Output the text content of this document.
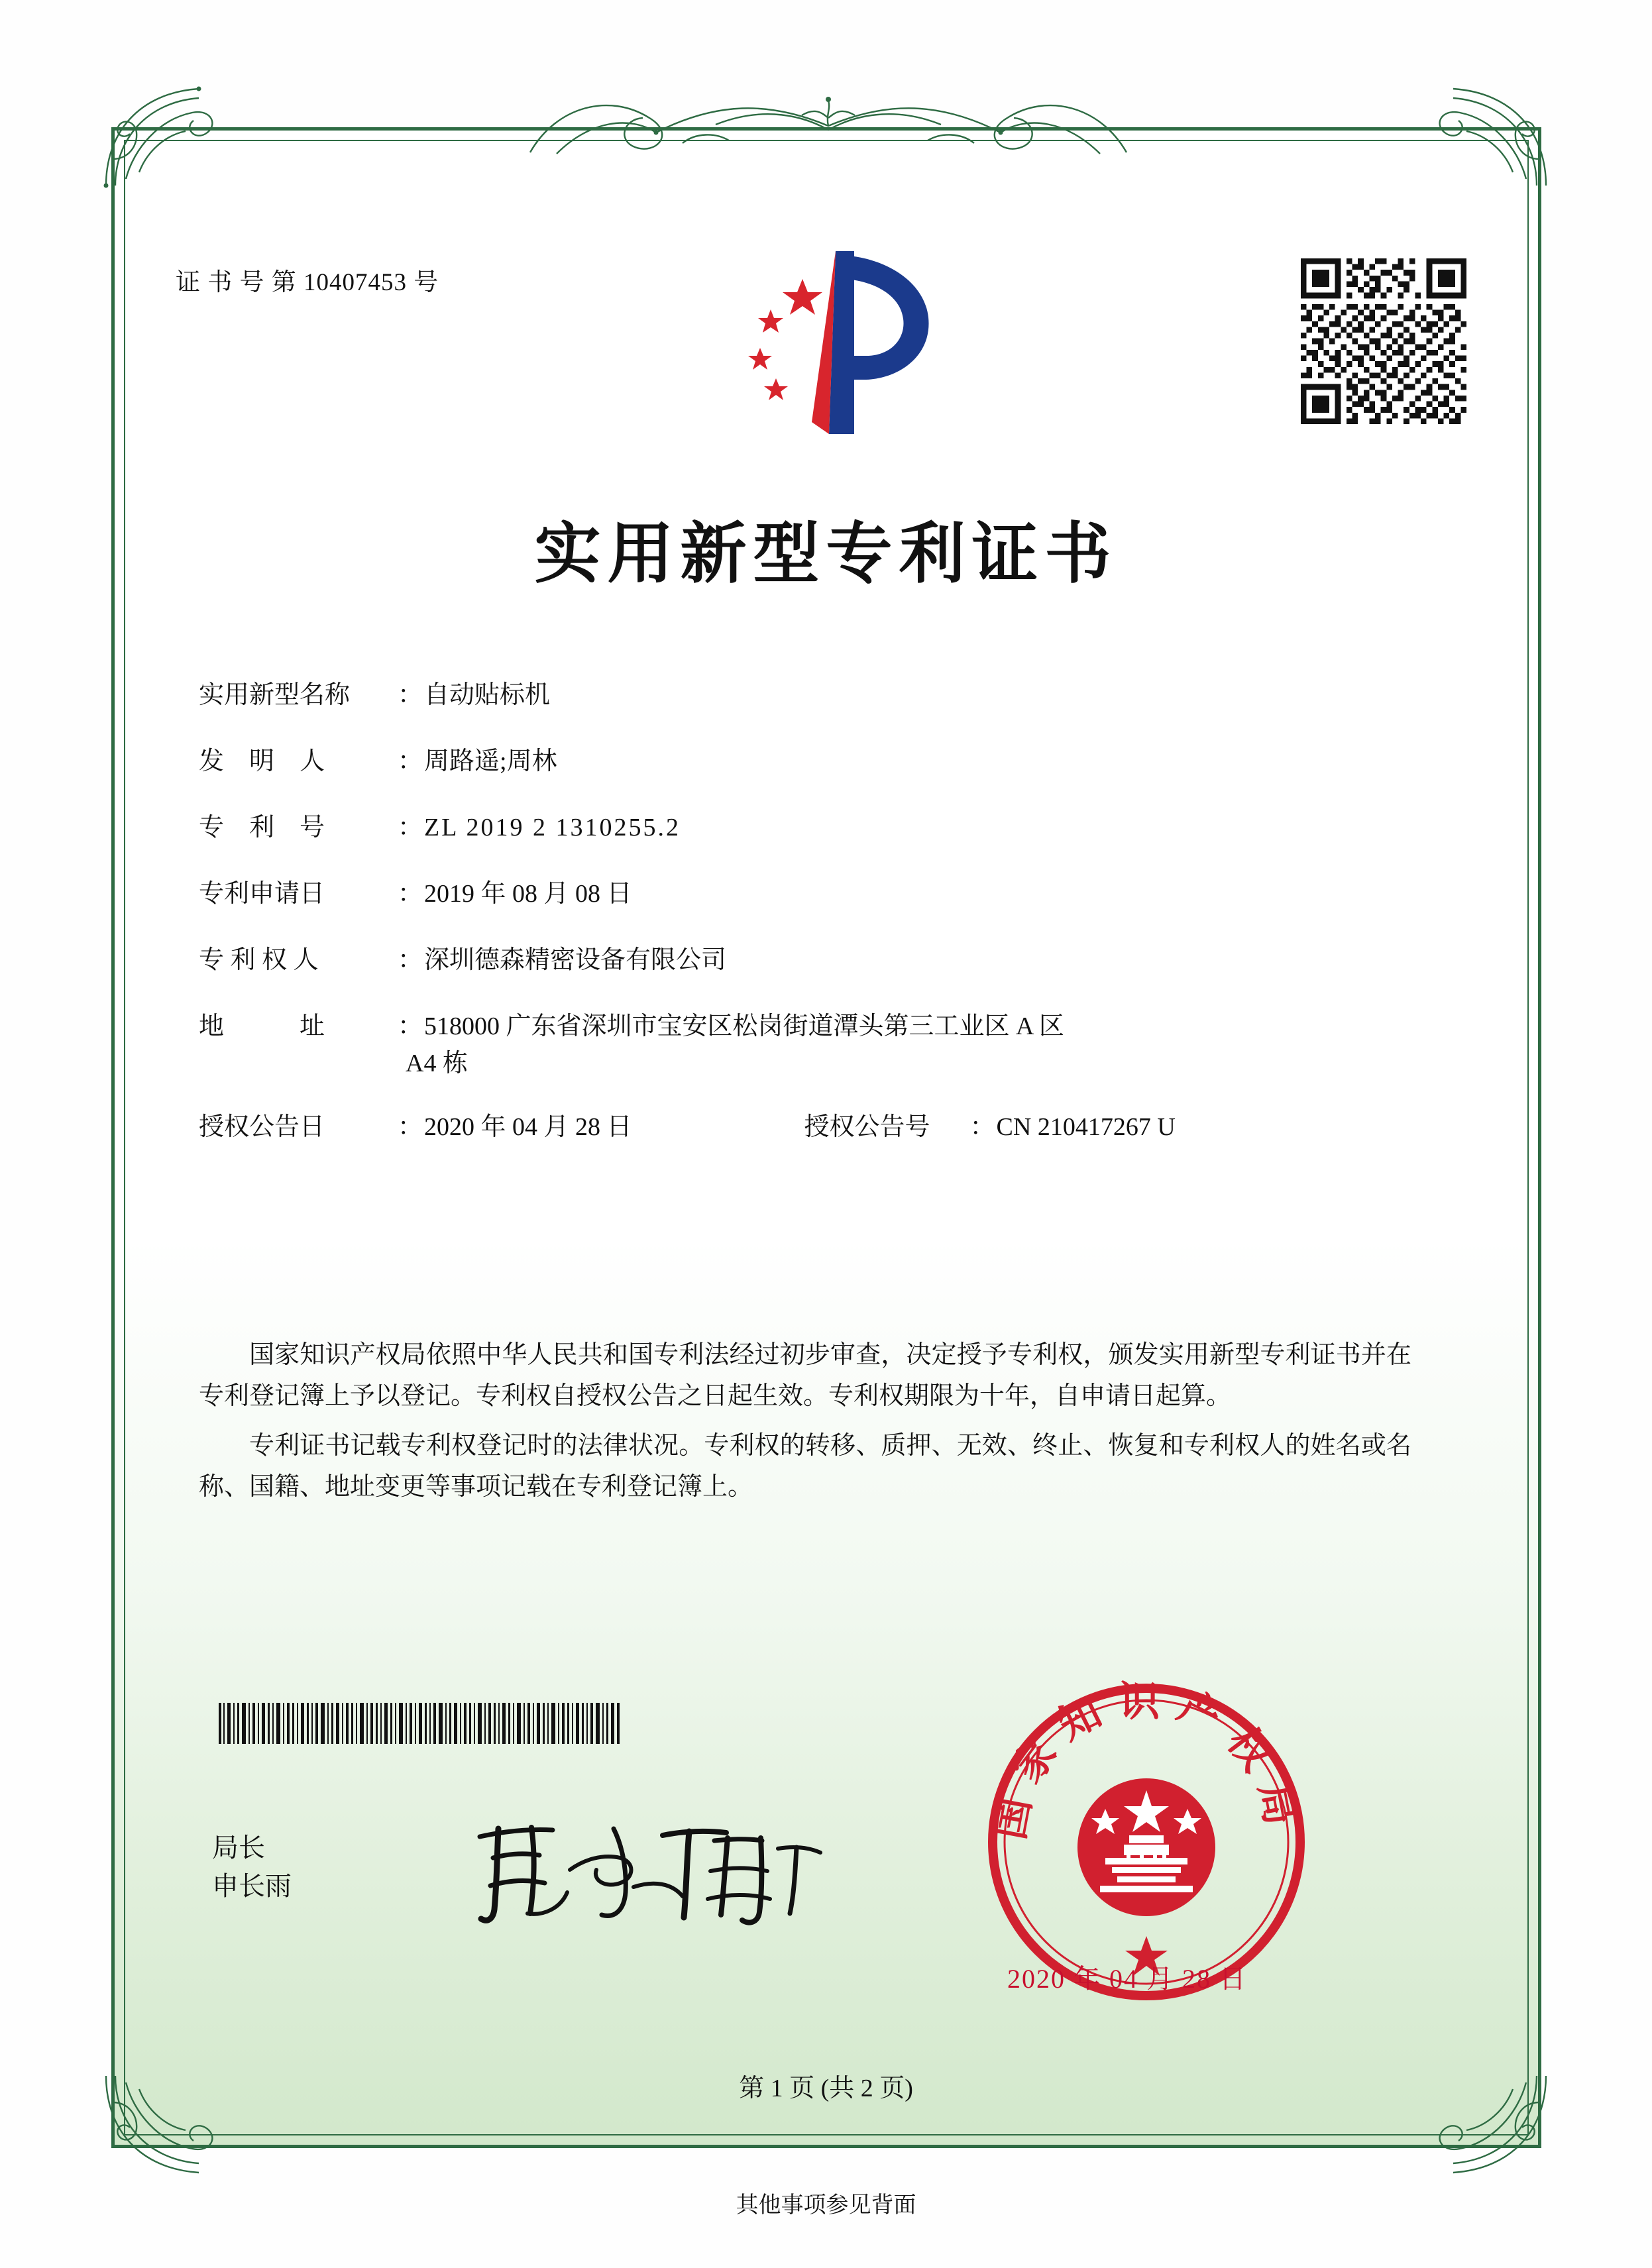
证 书 号 第 10407453 号
实用新型专利证书
实用新型名称	： 自动贴标机
发　明　人	： 周路遥;周林
专　利　号	： ZL 2019 2 1310255.2
专利申请日	： 2019 年 08 月 08 日
专 利 权 人	： 深圳德森精密设备有限公司
地　　　址	： 518000 广东省深圳市宝安区松岗街道潭头第三工业区 A 区
A4 栋
授权公告日	： 2020 年 04 月 28 日	授权公告号	： CN 210417267 U

国家知识产权局依照中华人民共和国专利法经过初步审查，决定授予专利权，颁发实用新型专利证书并在专利登记簿上予以登记。专利权自授权公告之日起生效。专利权期限为十年，自申请日起算。

专利证书记载专利权登记时的法律状况。专利权的转移、质押、无效、终止、恢复和专利权人的姓名或名称、国籍、地址变更等事项记载在专利登记簿上。

局长
申长雨
国家知识产权局
2020 年 04 月 28 日
第 1 页 (共 2 页)
其他事项参见背面
